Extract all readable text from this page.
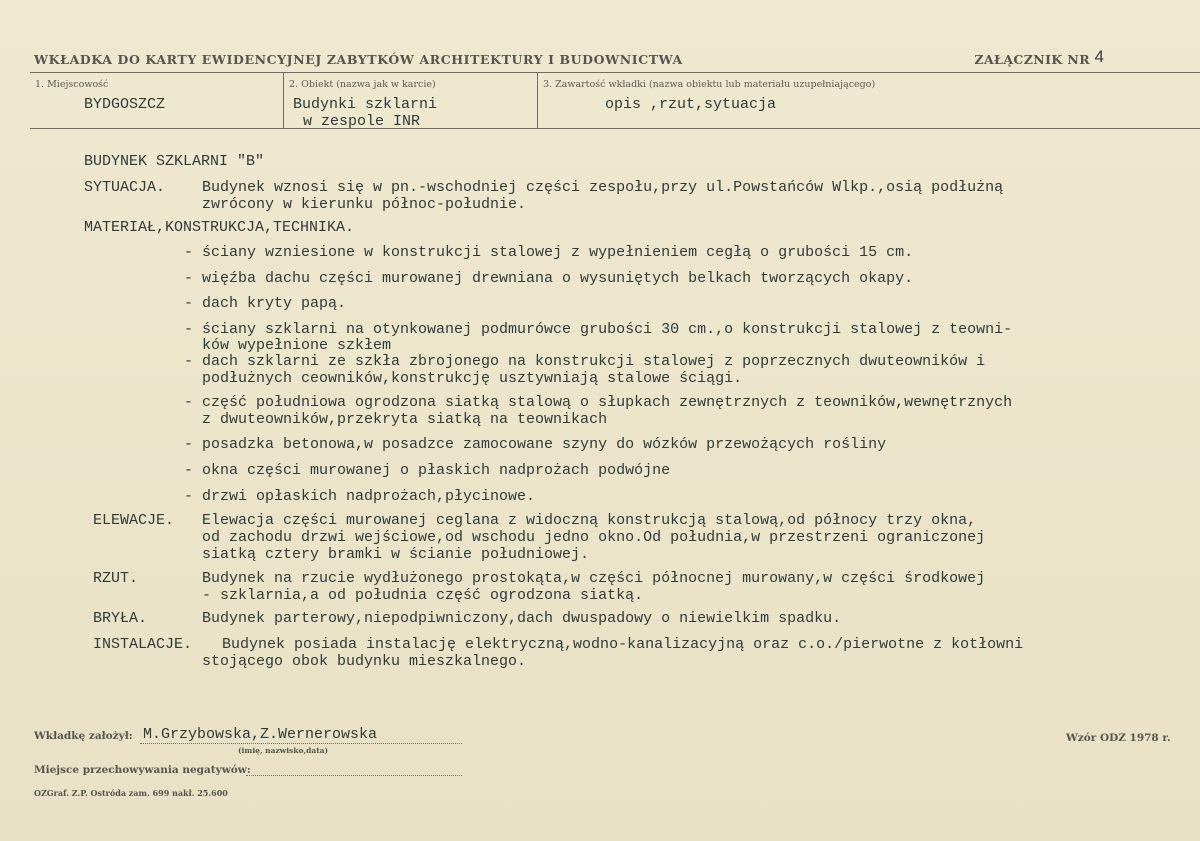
WKŁADKA DO KARTY EWIDENCYJNEJ ZABYTKÓW ARCHITEKTURY I BUDOWNICTWA	ZAŁĄCZNIK NR 4
1. Miejscowość
BYDGOSZCZ
2. Obiekt (nazwa jak w karcie)
Budynki szklarni
w zespole INR
3. Zawartość wkładki (nazwa obiektu lub materiału uzupełniającego)
opis ,rzut,sytuacja
BUDYNEK SZKLARNI "B"
SYTUACJA. Budynek wznosi się w pn.-wschodniej części zespołu,przy ul.Powstańców Wlkp.,osią podłużną
zwrócony w kierunku północ-południe.
MATERIAŁ,KONSTRUKCJA,TECHNIKA.
- ściany wzniesione w konstrukcji stalowej z wypełnieniem cegłą o grubości 15 cm.
- więźba dachu części murowanej drewniana o wysuniętych belkach tworzących okapy.
- dach kryty papą.
- ściany szklarni na otynkowanej podmurówce grubości 30 cm.,o konstrukcji stalowej z teowni-
ków wypełnione szkłem
- dach szklarni ze szkła zbrojonego na konstrukcji stalowej z poprzecznych dwuteowników i
podłużnych ceowników,konstrukcję usztywniają stalowe ściągi.
- część południowa ogrodzona siatką stalową o słupkach zewnętrznych z teowników,wewnętrznych
z dwuteowników,przekryta siatką na teownikach
- posadzka betonowa,w posadzce zamocowane szyny do wózków przewożących rośliny
- okna części murowanej o płaskich nadprożach podwójne
- drzwi opłaskich nadprożach,płycinowe.
ELEWACJE. Elewacja części murowanej ceglana z widoczną konstrukcją stalową,od północy trzy okna,
od zachodu drzwi wejściowe,od wschodu jedno okno.Od południa,w przestrzeni ograniczonej
siatką cztery bramki w ścianie południowej.
RZUT.	Budynek na rzucie wydłużonego prostokąta,w części północnej murowany,w części środkowej
- szklarnia,a od południa część ogrodzona siatką.
BRYŁA.	Budynek parterowy,niepodpiwniczony,dach dwuspadowy o niewielkim spadku.
INSTALACJE. Budynek posiada instalację elektryczną,wodno-kanalizacyjną oraz c.o./pierwotne z kotłowni
stojącego obok budynku mieszkalnego.
Wkładkę założył: M.Grzybowska,Z.Wernerowska
(imię, nazwisko,data)
Miejsce przechowywania negatywów:
OZGraf. Z.P. Ostróda zam. 699 nakł. 25.600
Wzór ODZ 1978 r.
